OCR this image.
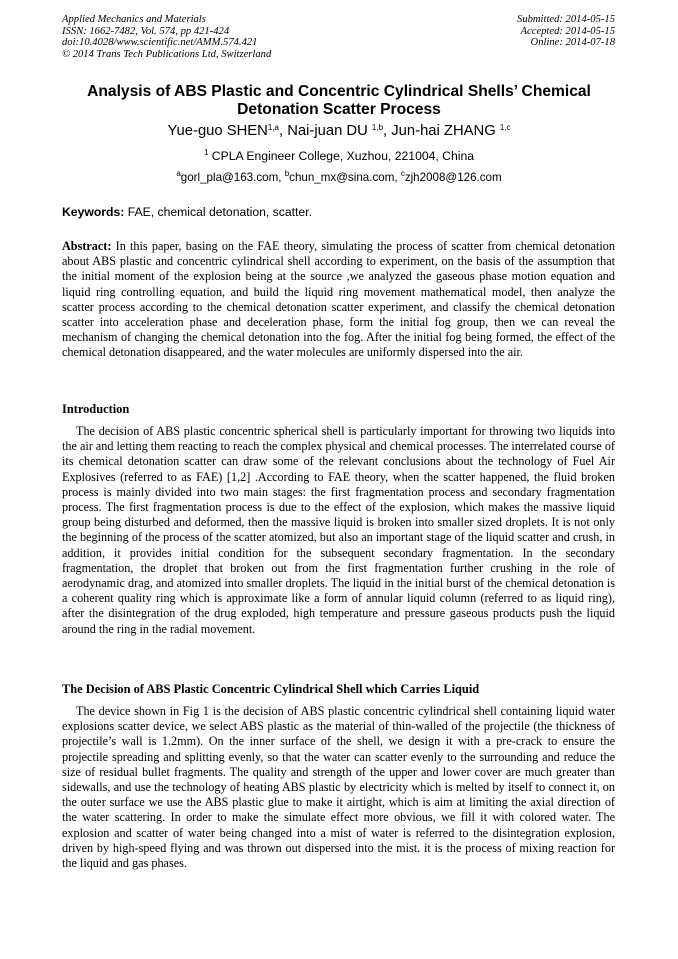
Applied Mechanics and Materials
ISSN: 1662-7482, Vol. 574, pp 421-424
doi:10.4028/www.scientific.net/AMM.574.421
© 2014 Trans Tech Publications Ltd, Switzerland
Submitted: 2014-05-15
Accepted: 2014-05-15
Online: 2014-07-18
Analysis of ABS Plastic and Concentric Cylindrical Shells’ Chemical
Detonation Scatter Process
Yue-guo SHEN$^{1,a}$, Nai-juan DU $^{1,b}$, Jun-hai ZHANG $^{1,c}$
$^1$ CPLA Engineer College, Xuzhou, 221004, China
$^a$gorl_pla@163.com, $^b$chun_mx@sina.com, $^c$zjh2008@126.com
Keywords: FAE, chemical detonation, scatter.
Abstract: In this paper, basing on the FAE theory, simulating the process of scatter from chemical detonation about ABS plastic and concentric cylindrical shell according to experiment, on the basis of the assumption that the initial moment of the explosion being at the source ,we analyzed the gaseous phase motion equation and liquid ring controlling equation, and build the liquid ring movement mathematical model, then analyze the scatter process according to the chemical detonation scatter experiment, and classify the chemical detonation scatter into acceleration phase and deceleration phase, form the initial fog group, then we can reveal the mechanism of changing the chemical detonation into the fog. After the initial fog being formed, the effect of the chemical detonation disappeared, and the water molecules are uniformly dispersed into the air.
Introduction
The decision of ABS plastic concentric spherical shell is particularly important for throwing two liquids into the air and letting them reacting to reach the complex physical and chemical processes. The interrelated course of its chemical detonation scatter can draw some of the relevant conclusions about the technology of Fuel Air Explosives (referred to as FAE) [1,2] .According to FAE theory, when the scatter happened, the fluid broken process is mainly divided into two main stages: the first fragmentation process and secondary fragmentation process. The first fragmentation process is due to the effect of the explosion, which makes the massive liquid group being disturbed and deformed, then the massive liquid is broken into smaller sized droplets. It is not only the beginning of the process of the scatter atomized, but also an important stage of the liquid scatter and crush, in addition, it provides initial condition for the subsequent secondary fragmentation. In the secondary fragmentation, the droplet that broken out from the first fragmentation further crushing in the role of aerodynamic drag, and atomized into smaller droplets. The liquid in the initial burst of the chemical detonation is a coherent quality ring which is approximate like a form of annular liquid column (referred to as liquid ring), after the disintegration of the drug exploded, high temperature and pressure gaseous products push the liquid around the ring in the radial movement.
The Decision of ABS Plastic Concentric Cylindrical Shell which Carries Liquid
The device shown in Fig 1 is the decision of ABS plastic concentric cylindrical shell containing liquid water explosions scatter device, we select ABS plastic as the material of thin-walled of the projectile (the thickness of projectile’s wall is 1.2mm). On the inner surface of the shell, we design it with a pre-crack to ensure the projectile spreading and splitting evenly, so that the water can scatter evenly to the surrounding and reduce the size of residual bullet fragments. The quality and strength of the upper and lower cover are much greater than sidewalls, and use the technology of heating ABS plastic by electricity which is melted by itself to connect it, on the outer surface we use the ABS plastic glue to make it airtight, which is aim at limiting the axial direction of the water scattering. In order to make the simulate effect more obvious, we fill it with colored water. The explosion and scatter of water being changed into a mist of water is referred to the disintegration explosion, driven by high-speed flying and was thrown out dispersed into the mist. it is the process of mixing reaction for the liquid and gas phases.
